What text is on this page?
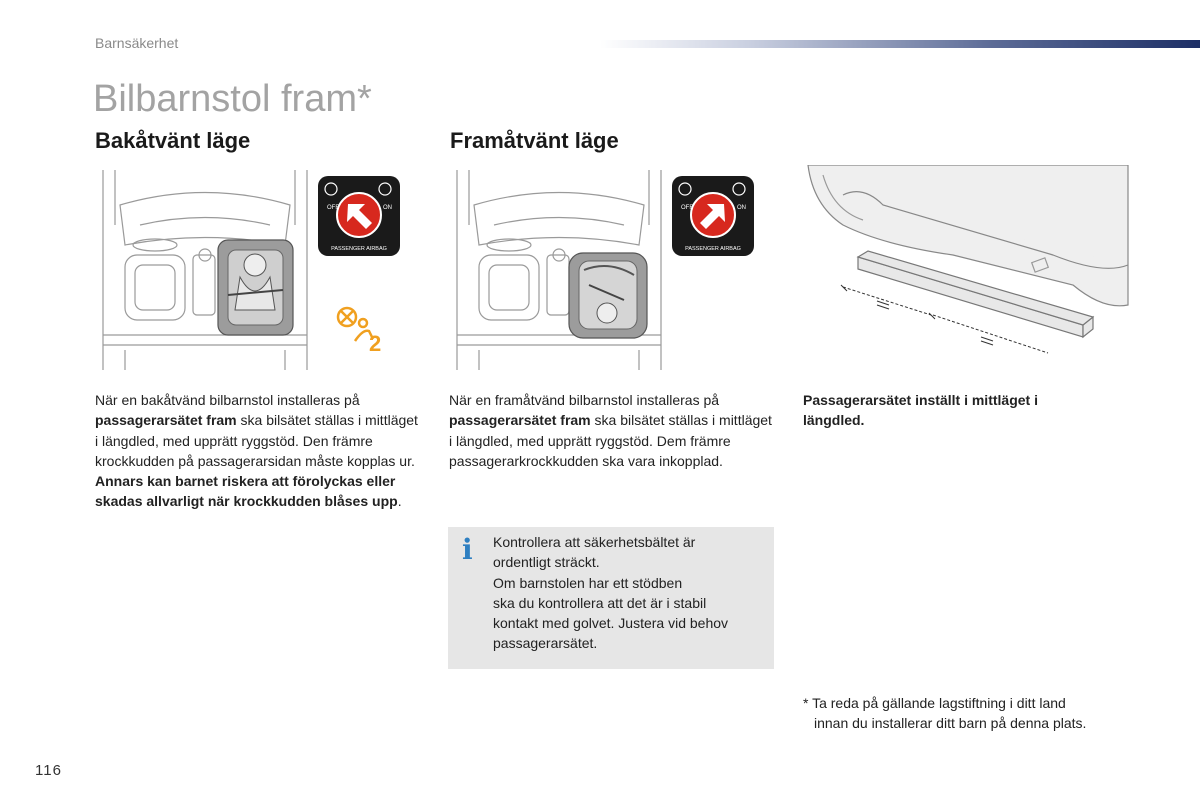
Barnsäkerhet
Bilbarnstol fram*
Bakåtvänt läge	Framåtvänt läge
OFF	ON
PASSENGER AIRBAG
2
OFF	ON
PASSENGER AIRBAG
När en bakåtvänd bilbarnstol installeras på passagerarsätet fram ska bilsätet ställas i mittläget i längdled, med upprätt ryggstöd. Den främre krockkudden på passagerarsidan måste kopplas ur. Annars kan barnet riskera att förolyckas eller skadas allvarligt när krockkudden blåses upp.
När en framåtvänd bilbarnstol installeras på passagerarsätet fram ska bilsätet ställas i mittläget i längdled, med upprätt ryggstöd. Dem främre passagerarkrockkudden ska vara inkopplad.
Passagerarsätet inställt i mittläget i längdled.
i Kontrollera att säkerhetsbältet är
ordentligt sträckt.
Om barnstolen har ett stödben
ska du kontrollera att det är i stabil
kontakt med golvet. Justera vid behov
passagerarsätet.
* Ta reda på gällande lagstiftning i ditt land
innan du installerar ditt barn på denna plats.
116
